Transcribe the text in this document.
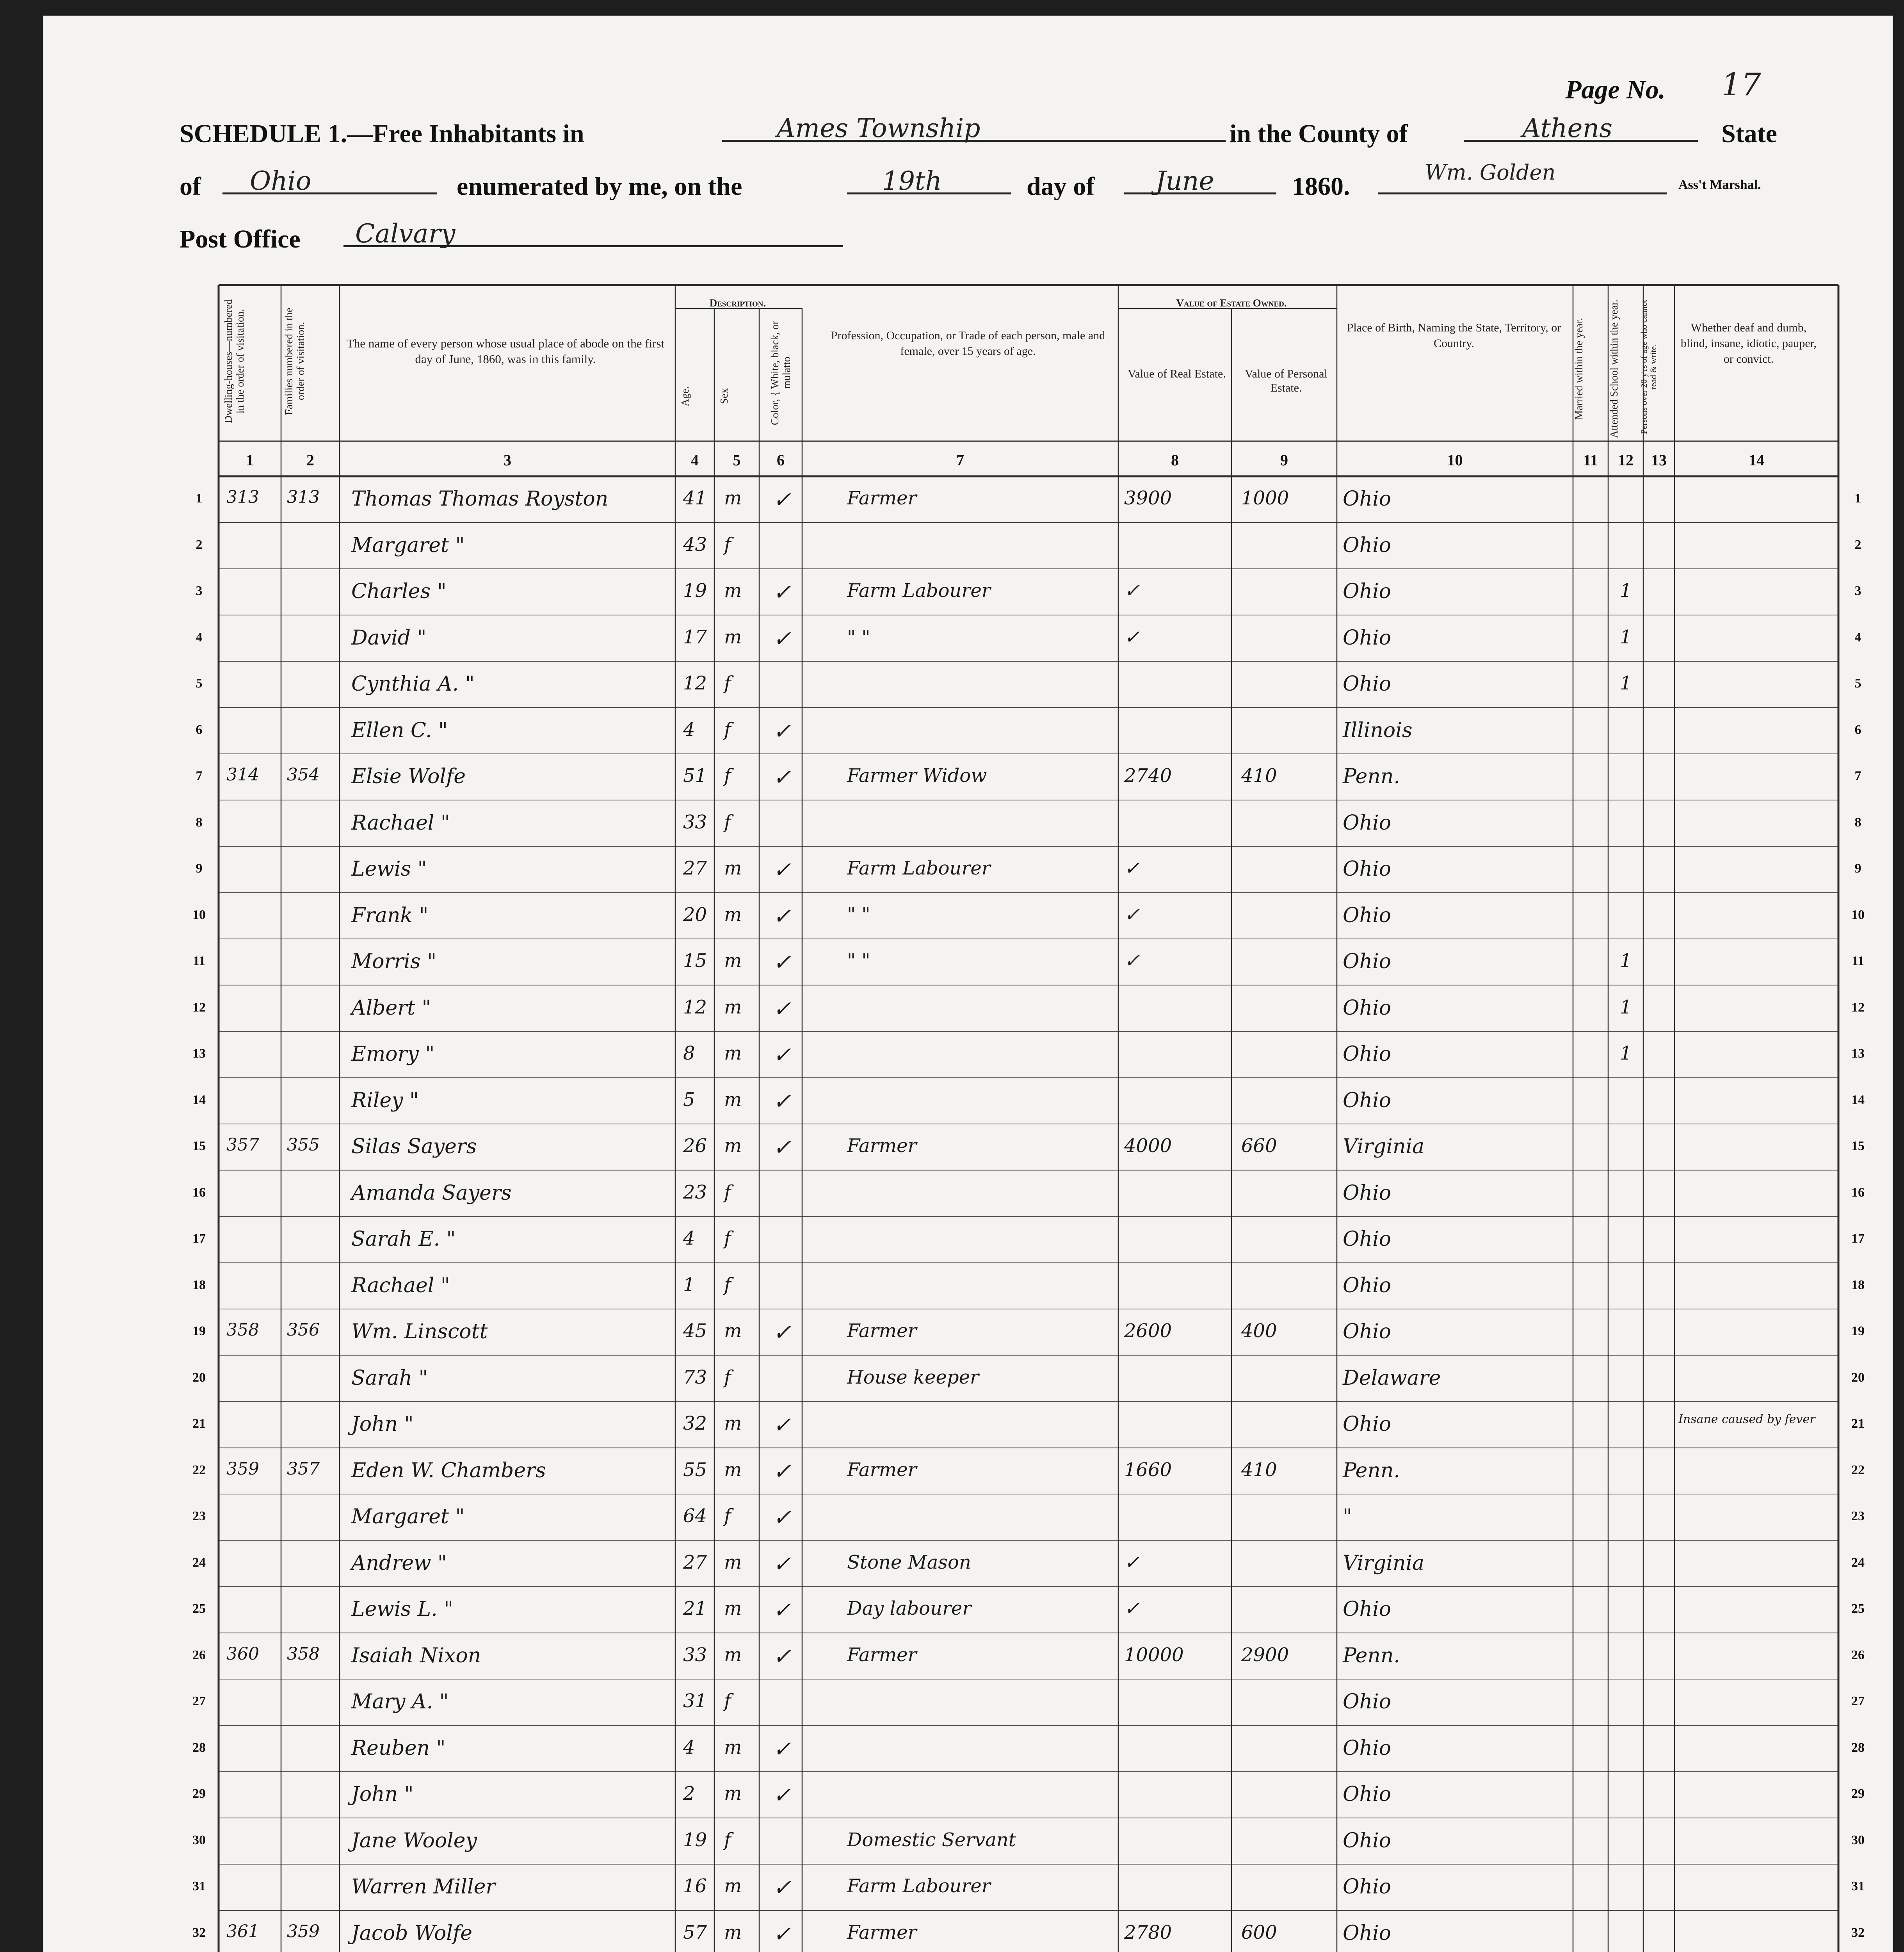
Page No. 17
SCHEDULE 1.—Free Inhabitants in	Ames Township	in the County of	Athens	State
of Ohio	enumerated by me, on the	19th	day of June	1860.	Wm. Golden
Ass't Marshal.
Post Office Calvary
Dwelling-houses—numbered in the order of visitation.	Families numbered in the order of visitation.	The name of every person whose usual place of abode on the first day of June, 1860, was in this family.
Description.
Age.	Sex	Color, { White, black, or mulatto
Profession, Occupation, or Trade of each person, male and female, over 15 years of age.
Value of Estate Owned.
Value of Real Estate.	Value of Personal Estate.
Place of Birth, Naming the State, Territory, or Country.	Married within the year.	Attended School within the year.	Persons over 20 y'rs of age who cannot read & write.
Whether deaf and dumb, blind, insane, idiotic, pauper, or convict.
1	2	3	4	5	6	7	8	9	10	11 12 13	14
1	1
313 313 Thomas Thomas Royston	41 m ✓	Farmer	3900	1000	Ohio
2	2
Margaret "	43 f	Ohio
3	3
Charles "	19 m ✓	Farm Labourer	✓	Ohio	1
4	4
David "	17 m ✓	" "	✓	Ohio	1
5	5
Cynthia A. "	12 f	Ohio	1
6	6
Ellen C. "	4 f ✓	Illinois
7	7
314 354 Elsie Wolfe	51 f ✓	Farmer Widow	2740	410	Penn.
8	8
Rachael "	33 f	Ohio
9	9
Lewis "	27 m ✓	Farm Labourer	✓	Ohio
10	10
Frank "	20 m ✓	" "	✓	Ohio
11	11
Morris "	15 m ✓	" "	✓	Ohio	1
12	12
Albert "	12 m ✓	Ohio	1
13	13
Emory "	8 m ✓	Ohio	1
14	14
Riley "	5 m ✓	Ohio
15	15
357 355 Silas Sayers	26 m ✓	Farmer	4000	660	Virginia
16	16
Amanda Sayers	23 f	Ohio
17	17
Sarah E. "	4 f	Ohio
18	18
Rachael "	1 f	Ohio
19	19
358 356 Wm. Linscott	45 m ✓	Farmer	2600	400	Ohio
20	20
Sarah "	73 f	House keeper	Delaware
21	21
John "	32 m ✓	Ohio	Insane caused by fever
22	22
359 357 Eden W. Chambers	55 m ✓	Farmer	1660	410	Penn.
23	23
Margaret "	64 f ✓	"
24	24
Andrew "	27 m ✓	Stone Mason	✓	Virginia
25	25
Lewis L. "	21 m ✓	Day labourer	✓	Ohio
26	26
360 358 Isaiah Nixon	33 m ✓	Farmer	10000	2900	Penn.
27	27
Mary A. "	31 f	Ohio
28	28
Reuben "	4 m ✓	Ohio
29	29
John "	2 m ✓	Ohio
30	30
Jane Wooley	19 f	Domestic Servant	Ohio
31	31
Warren Miller	16 m ✓	Farm Labourer	Ohio
32	32
361 359 Jacob Wolfe	57 m ✓	Farmer	2780	600	Ohio
